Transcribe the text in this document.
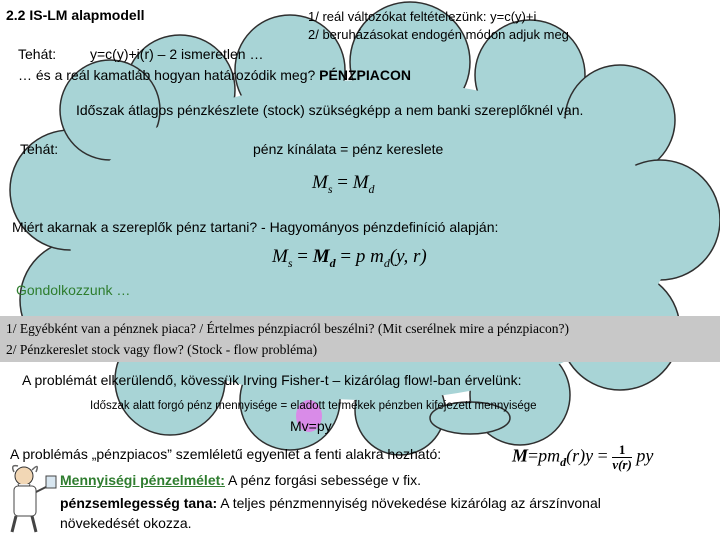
2.2 IS-LM alapmodell	1/ reál változókat feltételezünk: y=c(y)+i
2/ beruházásokat endogén módon adjuk meg
Tehát: y=c(y)+i(r) – 2 ismeretlen …
… és a reál kamatláb hogyan határozódik meg? PÉNZPIACON
Időszak átlagos pénzkészlete (stock) szükségképp a nem banki szereplőknél van.
Tehát:	pénz kínálata = pénz kereslete
$M_s = M_d$
Miért akarnak a szereplők pénz tartani? - Hagyományos pénzdefiníció alapján:
$M_s = M_d = p$ $m_d(y$, r)
Gondolkozzunk …
1/ Egyébként van a pénznek piaca? / Értelmes pénzpiacról beszélni? (Mit cserélnek mire a pénzpiacon?)
2/ Pénzkereslet stock vagy flow? (Stock - flow probléma)
A problémát elkerülendő, kövessük Irving Fisher-t – kizárólag flow!-ban érvelünk:
Időszak alatt forgó pénz mennyisége = eladott termékek pénzben kifejezett mennyisége
Mv=py
A problémás „pénzpiacos” szemléletű egyenlet a fenti alakra hozható:	$M=pm_d(r)y = \frac{1}{v(r)}$ py
Mennyiségi pénzelmélet: A pénz forgási sebessége v fix.
pénzsemlegesség tana: A teljes pénzmennyiség növekedése kizárólag az árszínvonal
növekedését okozza.
